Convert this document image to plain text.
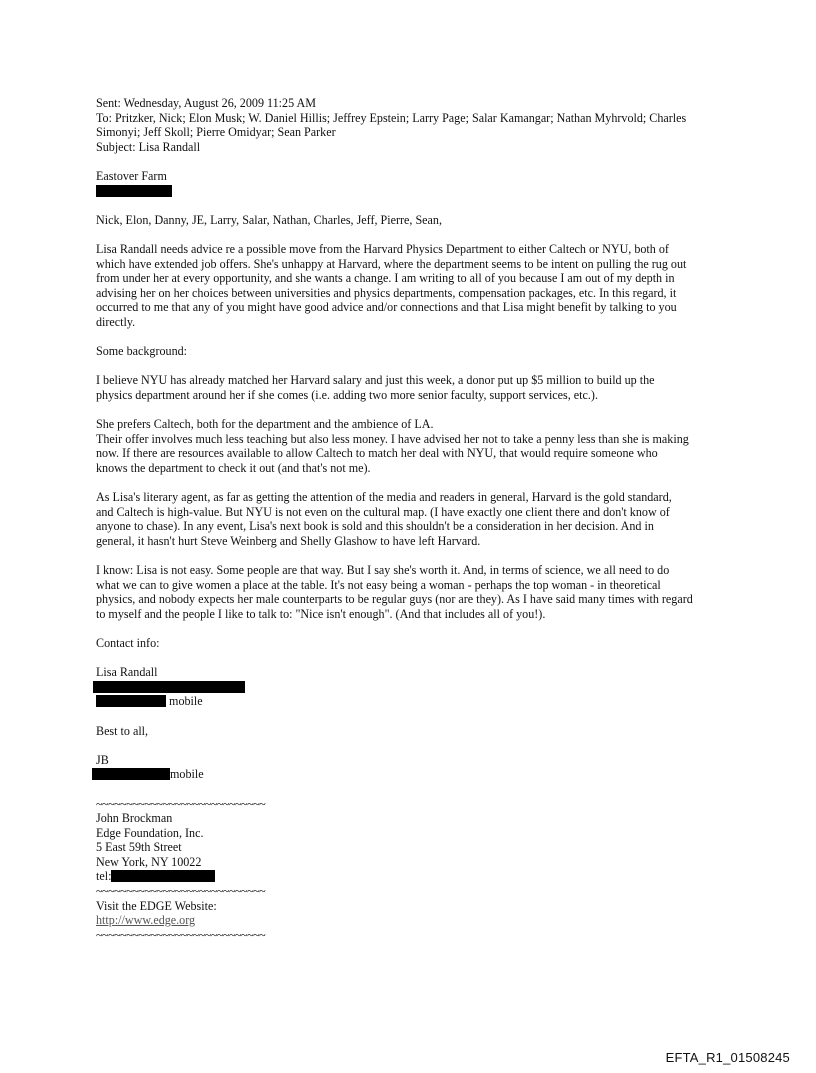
Sent: Wednesday, August 26, 2009 11:25 AM
To: Pritzker, Nick; Elon Musk; W. Daniel Hillis; Jeffrey Epstein; Larry Page; Salar Kamangar; Nathan Myhrvold; Charles
Simonyi; Jeff Skoll; Pierre Omidyar; Sean Parker
Subject: Lisa Randall
Eastover Farm
Nick, Elon, Danny, JE, Larry, Salar, Nathan, Charles, Jeff, Pierre, Sean,
Lisa Randall needs advice re a possible move from the Harvard Physics Department to either Caltech or NYU, both of
which have extended job offers. She's unhappy at Harvard, where the department seems to be intent on pulling the rug out
from under her at every opportunity, and she wants a change. I am writing to all of you because I am out of my depth in
advising her on her choices between universities and physics departments, compensation packages, etc. In this regard, it
occurred to me that any of you might have good advice and/or connections and that Lisa might benefit by talking to you
directly.
Some background:
I believe NYU has already matched her Harvard salary and just this week, a donor put up $5 million to build up the
physics department around her if she comes (i.e. adding two more senior faculty, support services, etc.).
She prefers Caltech, both for the department and the ambience of LA.
Their offer involves much less teaching but also less money. I have advised her not to take a penny less than she is making
now. If there are resources available to allow Caltech to match her deal with NYU, that would require someone who
knows the department to check it out (and that's not me).
As Lisa's literary agent, as far as getting the attention of the media and readers in general, Harvard is the gold standard,
and Caltech is high-value. But NYU is not even on the cultural map. (I have exactly one client there and don't know of
anyone to chase). In any event, Lisa's next book is sold and this shouldn't be a consideration in her decision. And in
general, it hasn't hurt Steve Weinberg and Shelly Glashow to have left Harvard.
I know: Lisa is not easy. Some people are that way. But I say she's worth it. And, in terms of science, we all need to do
what we can to give women a place at the table. It's not easy being a woman - perhaps the top woman - in theoretical
physics, and nobody expects her male counterparts to be regular guys (nor are they). As I have said many times with regard
to myself and the people I like to talk to: "Nice isn't enough". (And that includes all of you!).
Contact info:
Lisa Randall
mobile
Best to all,
JB
mobile
~~~~~~~~~~~~~~~~~~~~~~~~~~~~
John Brockman
Edge Foundation, Inc.
5 East 59th Street
New York, NY 10022
tel:
~~~~~~~~~~~~~~~~~~~~~~~~~~~~
Visit the EDGE Website:
http://www.edge.org
~~~~~~~~~~~~~~~~~~~~~~~~~~~~
EFTA_R1_01508245
